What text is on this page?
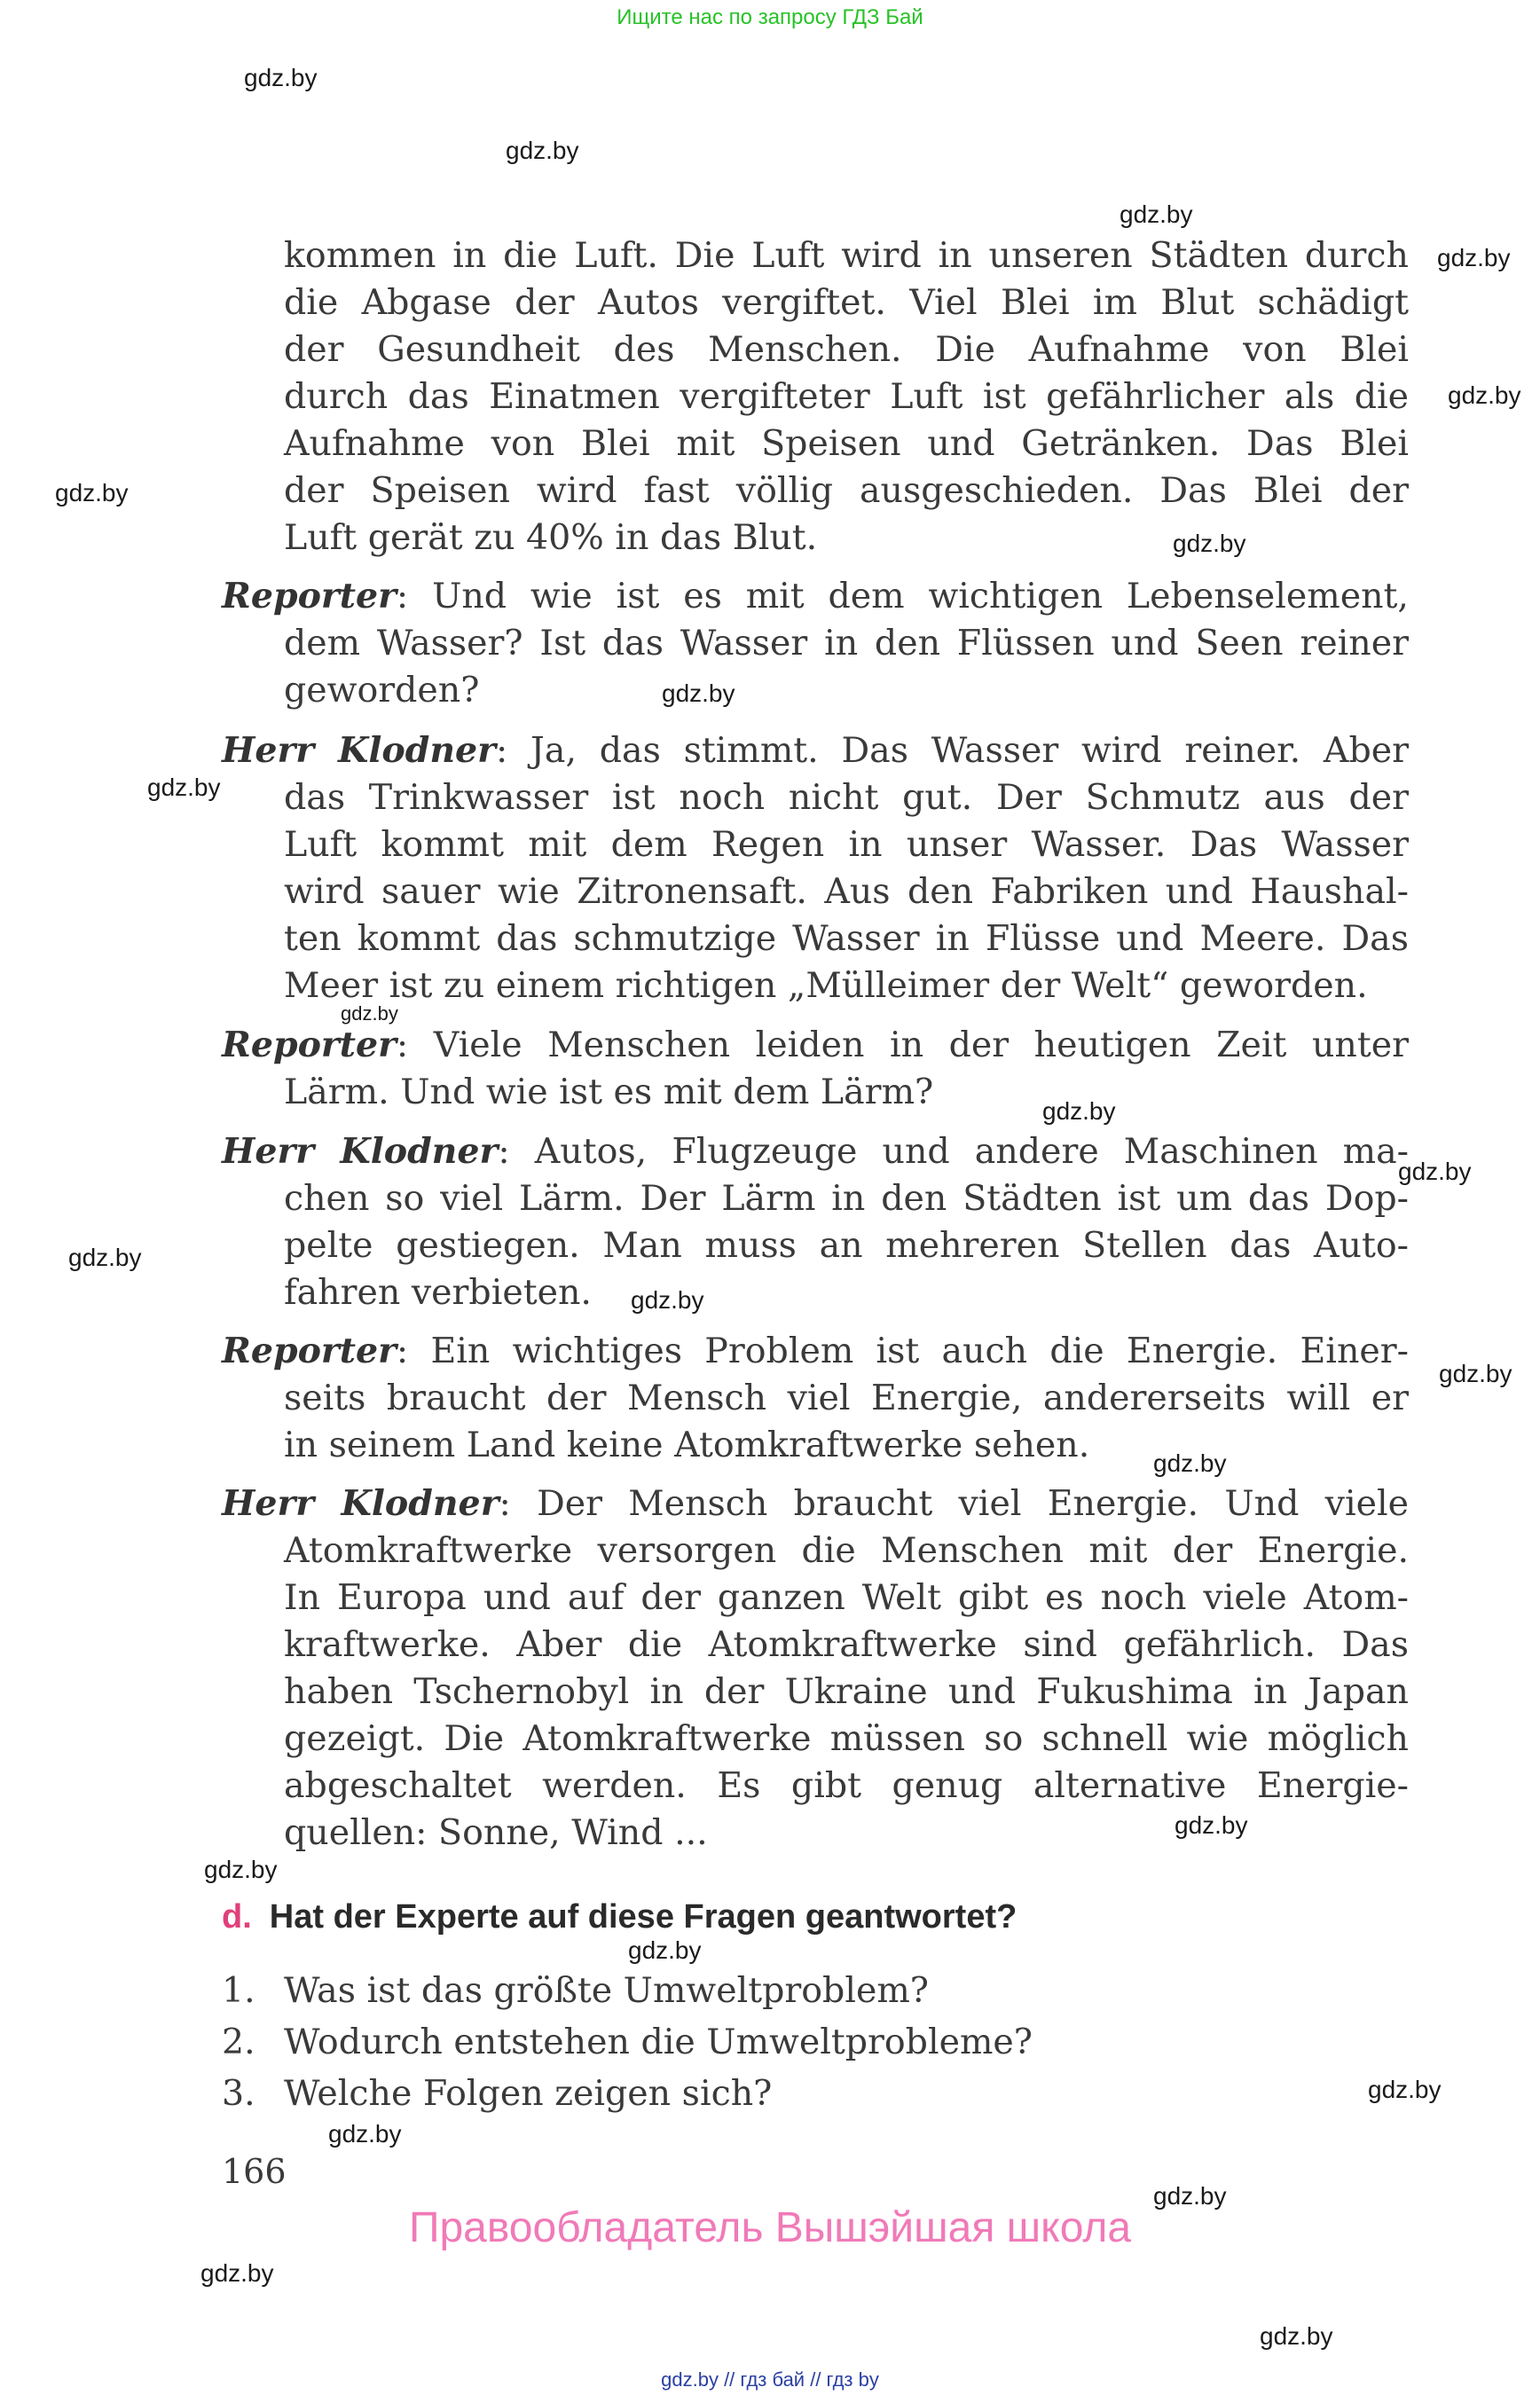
Ищите нас по запросу ГДЗ Бай
gdz.by
gdz.by
gdz.by
gdz.by
gdz.by
gdz.by
gdz.by
gdz.by
gdz.by
gdz.by
gdz.by
gdz.by
gdz.by
gdz.by
gdz.by
gdz.by
gdz.by
gdz.by
gdz.by
gdz.by
gdz.by
gdz.by
gdz.by
gdz.by
kommen in die Luft. Die Luft wird in unseren Städten durch
die Abgase der Autos vergiftet. Viel Blei im Blut schädigt
der Gesundheit des Menschen. Die Aufnahme von Blei
durch das Einatmen vergifteter Luft ist gefährlicher als die
Aufnahme von Blei mit Speisen und Getränken. Das Blei
der Speisen wird fast völlig ausgeschieden. Das Blei der
Luft gerät zu 40% in das Blut.
Reporter: Und wie ist es mit dem wichtigen Lebenselement,
dem Wasser? Ist das Wasser in den Flüssen und Seen reiner
geworden?
Herr Klodner: Ja, das stimmt. Das Wasser wird reiner. Aber
das Trinkwasser ist noch nicht gut. Der Schmutz aus der
Luft kommt mit dem Regen in unser Wasser. Das Wasser
wird sauer wie Zitronensaft. Aus den Fabriken und Haushal-
ten kommt das schmutzige Wasser in Flüsse und Meere. Das
Meer ist zu einem richtigen „Mülleimer der Welt“ geworden.
Reporter: Viele Menschen leiden in der heutigen Zeit unter
Lärm. Und wie ist es mit dem Lärm?
Herr Klodner: Autos, Flugzeuge und andere Maschinen ma-
chen so viel Lärm. Der Lärm in den Städten ist um das Dop-
pelte gestiegen. Man muss an mehreren Stellen das Auto-
fahren verbieten.
Reporter: Ein wichtiges Problem ist auch die Energie. Einer-
seits braucht der Mensch viel Energie, andererseits will er
in seinem Land keine Atomkraftwerke sehen.
Herr Klodner: Der Mensch braucht viel Energie. Und viele
Atomkraftwerke versorgen die Menschen mit der Energie.
In Europa und auf der ganzen Welt gibt es noch viele Atom-
kraftwerke. Aber die Atomkraftwerke sind gefährlich. Das
haben Tschernobyl in der Ukraine und Fukushima in Japan
gezeigt. Die Atomkraftwerke müssen so schnell wie möglich
abgeschaltet werden. Es gibt genug alternative Energie-
quellen: Sonne, Wind ...
d. Hat der Experte auf diese Fragen geantwortet?
1. Was ist das größte Umweltproblem?
2. Wodurch entstehen die Umweltprobleme?
3. Welche Folgen zeigen sich?
166
Правообладатель Вышэйшая школа
gdz.by // гдз бай // гдз by
